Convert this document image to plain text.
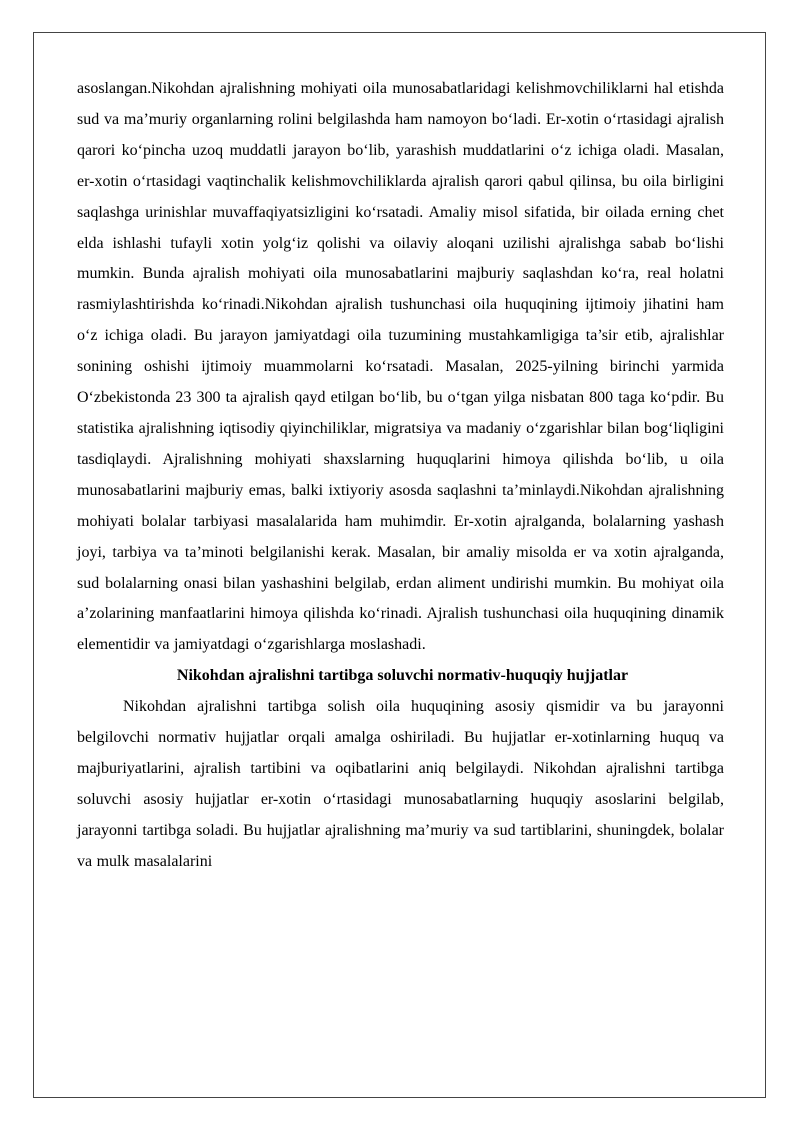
asoslangan.Nikohdan ajralishning mohiyati oila munosabatlaridagi kelishmovchiliklarni hal etishda sud va ma’muriy organlarning rolini belgilashda ham namoyon bo‘ladi. Er-xotin o‘rtasidagi ajralish qarori ko‘pincha uzoq muddatli jarayon bo‘lib, yarashish muddatlarini o‘z ichiga oladi. Masalan, er-xotin o‘rtasidagi vaqtinchalik kelishmovchiliklarda ajralish qarori qabul qilinsa, bu oila birligini saqlashga urinishlar muvaffaqiyatsizligini ko‘rsatadi. Amaliy misol sifatida, bir oilada erning chet elda ishlashi tufayli xotin yolg‘iz qolishi va oilaviy aloqani uzilishi ajralishga sabab bo‘lishi mumkin. Bunda ajralish mohiyati oila munosabatlarini majburiy saqlashdan ko‘ra, real holatni rasmiylashtirishda ko‘rinadi.Nikohdan ajralish tushunchasi oila huquqining ijtimoiy jihatini ham o‘z ichiga oladi. Bu jarayon jamiyatdagi oila tuzumining mustahkamligiga ta’sir etib, ajralishlar sonining oshishi ijtimoiy muammolarni ko‘rsatadi. Masalan, 2025-yilning birinchi yarmida O‘zbekistonda 23 300 ta ajralish qayd etilgan bo‘lib, bu o‘tgan yilga nisbatan 800 taga ko‘pdir. Bu statistika ajralishning iqtisodiy qiyinchiliklar, migratsiya va madaniy o‘zgarishlar bilan bog‘liqligini tasdiqlaydi. Ajralishning mohiyati shaxslarning huquqlarini himoya qilishda bo‘lib, u oila munosabatlarini majburiy emas, balki ixtiyoriy asosda saqlashni ta’minlaydi.Nikohdan ajralishning mohiyati bolalar tarbiyasi masalalarida ham muhimdir. Er-xotin ajralganda, bolalarning yashash joyi, tarbiya va ta’minoti belgilanishi kerak. Masalan, bir amaliy misolda er va xotin ajralganda, sud bolalarning onasi bilan yashashini belgilab, erdan aliment undirishi mumkin. Bu mohiyat oila a’zolarining manfaatlarini himoya qilishda ko‘rinadi. Ajralish tushunchasi oila huquqining dinamik elementidir va jamiyatdagi o‘zgarishlarga moslashadi.

Nikohdan ajralishni tartibga soluvchi normativ-huquqiy hujjatlar

Nikohdan ajralishni tartibga solish oila huquqining asosiy qismidir va bu jarayonni belgilovchi normativ hujjatlar orqali amalga oshiriladi. Bu hujjatlar er-xotinlarning huquq va majburiyatlarini, ajralish tartibini va oqibatlarini aniq belgilaydi. Nikohdan ajralishni tartibga soluvchi asosiy hujjatlar er-xotin o‘rtasidagi munosabatlarning huquqiy asoslarini belgilab, jarayonni tartibga soladi. Bu hujjatlar ajralishning ma’muriy va sud tartiblarini, shuningdek, bolalar va mulk masalalarini
